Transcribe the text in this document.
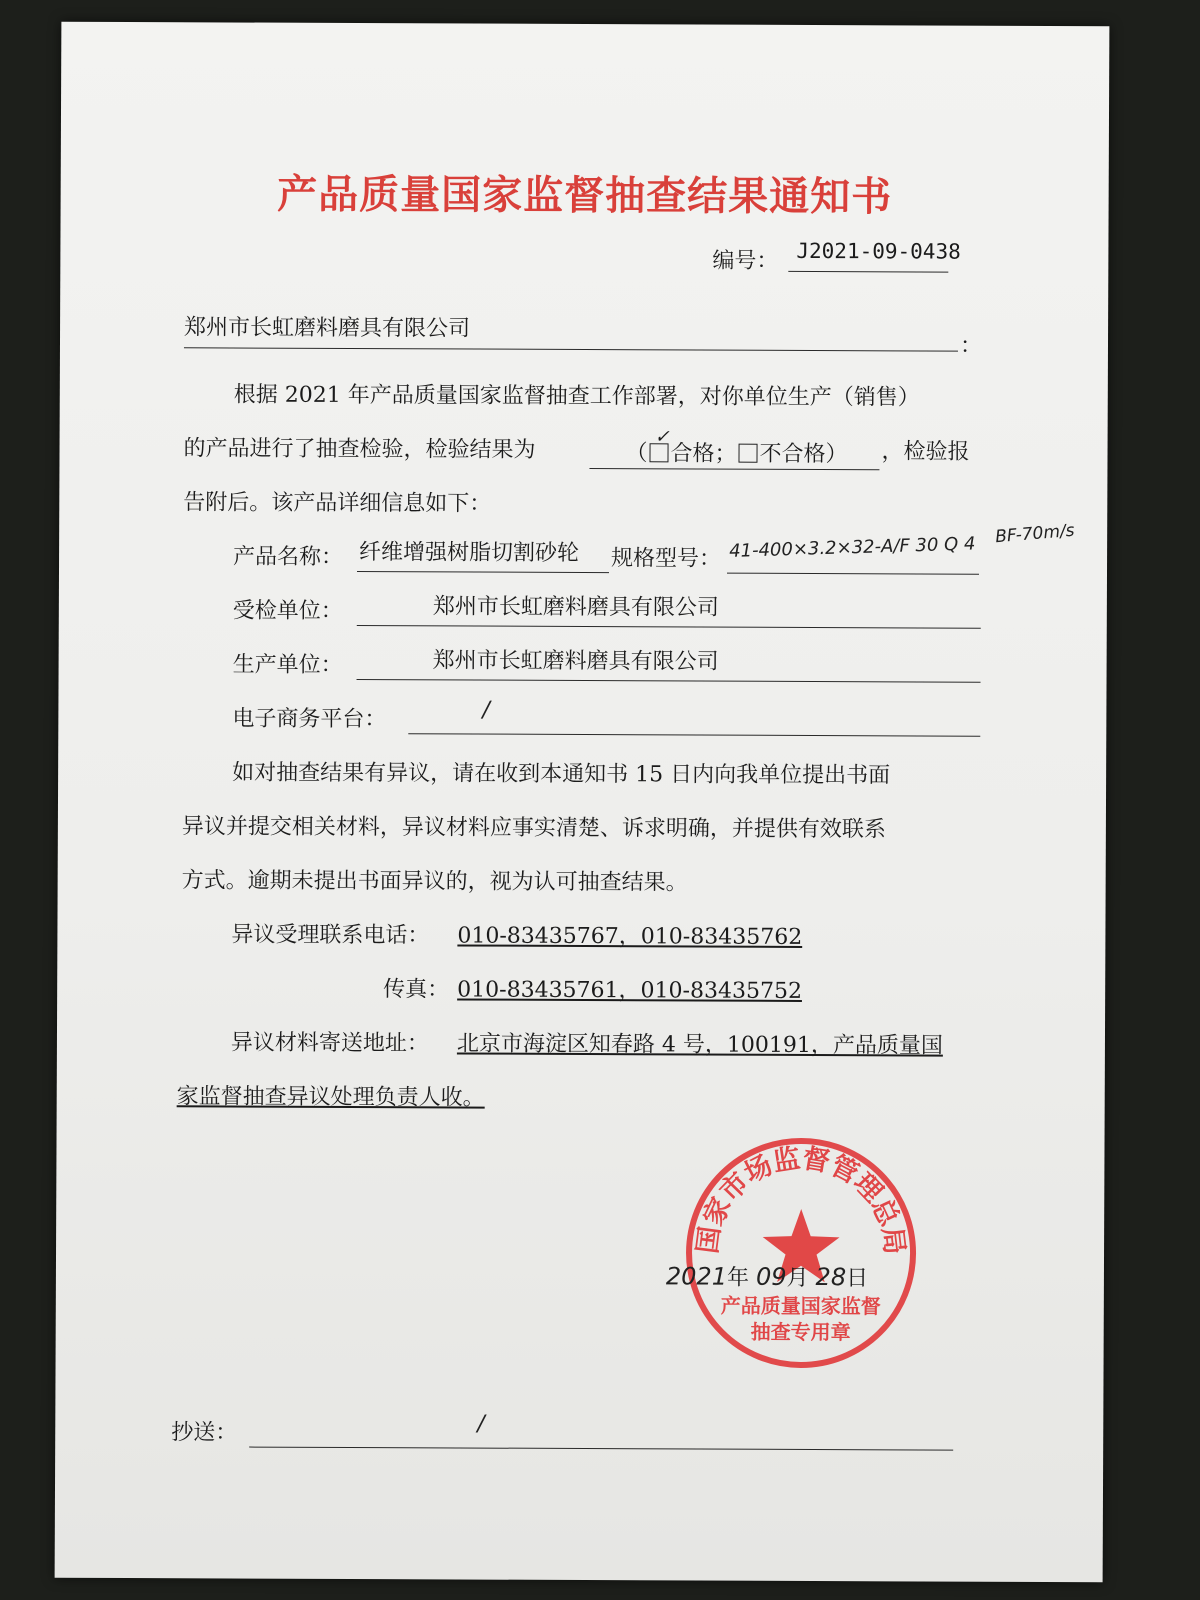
产品质量国家监督抽查结果通知书
编号： J2021-09-0438
郑州市长虹磨料磨具有限公司
：
根据 2021 年产品质量国家监督抽查工作部署，对你单位生产（销售）
的产品进行了抽查检验，检验结果为	（
✓
合格； 不合格） ，检验报
告附后。该产品详细信息如下：
产品名称： 纤维增强树脂切割砂轮 规格型号： 41-400×3.2×32-A/F 30 Q 4 BF-70m/s
受检单位：	郑州市长虹磨料磨具有限公司
生产单位：	郑州市长虹磨料磨具有限公司
电子商务平台：	/
如对抽查结果有异议，请在收到本通知书 15 日内向我单位提出书面
异议并提交相关材料，异议材料应事实清楚、诉求明确，并提供有效联系
方式。逾期未提出书面异议的，视为认可抽查结果。
异议受理联系电话： 010-83435767，010-83435762
传真： 010-83435761，010-83435752
异议材料寄送地址： 北京市海淀区知春路 4 号，100191，产品质量国
家监督抽查异议处理负责人收。
国家市场监督管理总局
产品质量国家监督
抽查专用章
2021年 09月 28日
抄送：	/
